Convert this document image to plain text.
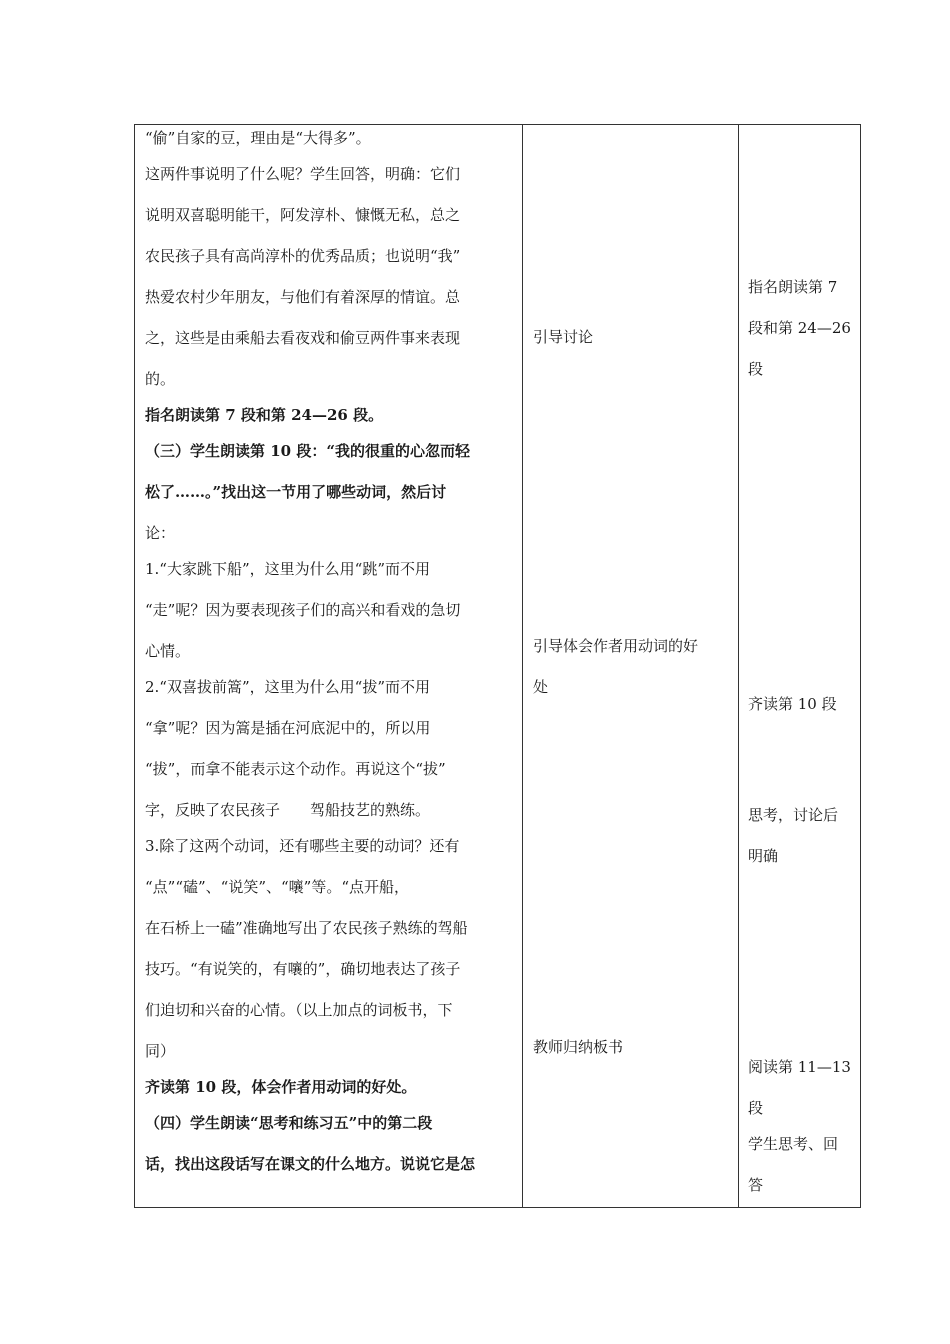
“偷”自家的豆，理由是“大得多”。
这两件事说明了什么呢？学生回答，明确：它们
说明双喜聪明能干，阿发淳朴、慷慨无私，总之
农民孩子具有高尚淳朴的优秀品质；也说明“我”
热爱农村少年朋友，与他们有着深厚的情谊。总
之，这些是由乘船去看夜戏和偷豆两件事来表现
的。
指名朗读第 7 段和第 24—26 段。
（三）学生朗读第 10 段：“我的很重的心忽而轻
松了……。”找出这一节用了哪些动词，然后讨
论：
1.“大家跳下船”，这里为什么用“跳”而不用
“走”呢？因为要表现孩子们的高兴和看戏的急切
心情。
2.“双喜拔前篙”，这里为什么用“拔”而不用
“拿”呢？因为篙是插在河底泥中的，所以用
“拔”，而拿不能表示这个动作。再说这个“拔”
字，反映了农民孩子　　驾船技艺的熟练。
3.除了这两个动词，还有哪些主要的动词？还有
“点”“磕”、“说笑”、“嚷”等。“点开船，
在石桥上一磕”准确地写出了农民孩子熟练的驾船
技巧。“有说笑的，有嚷的”，确切地表达了孩子
们迫切和兴奋的心情。（以上加点的词板书，下
同）
齐读第 10 段，体会作者用动词的好处。
（四）学生朗读“思考和练习五”中的第二段
话，找出这段话写在课文的什么地方。说说它是怎
引导讨论
引导体会作者用动词的好
处
教师归纳板书
指名朗读第 7
段和第 24—26
段
齐读第 10 段
思考，讨论后
明确
阅读第 11—13
段
学生思考、回
答
